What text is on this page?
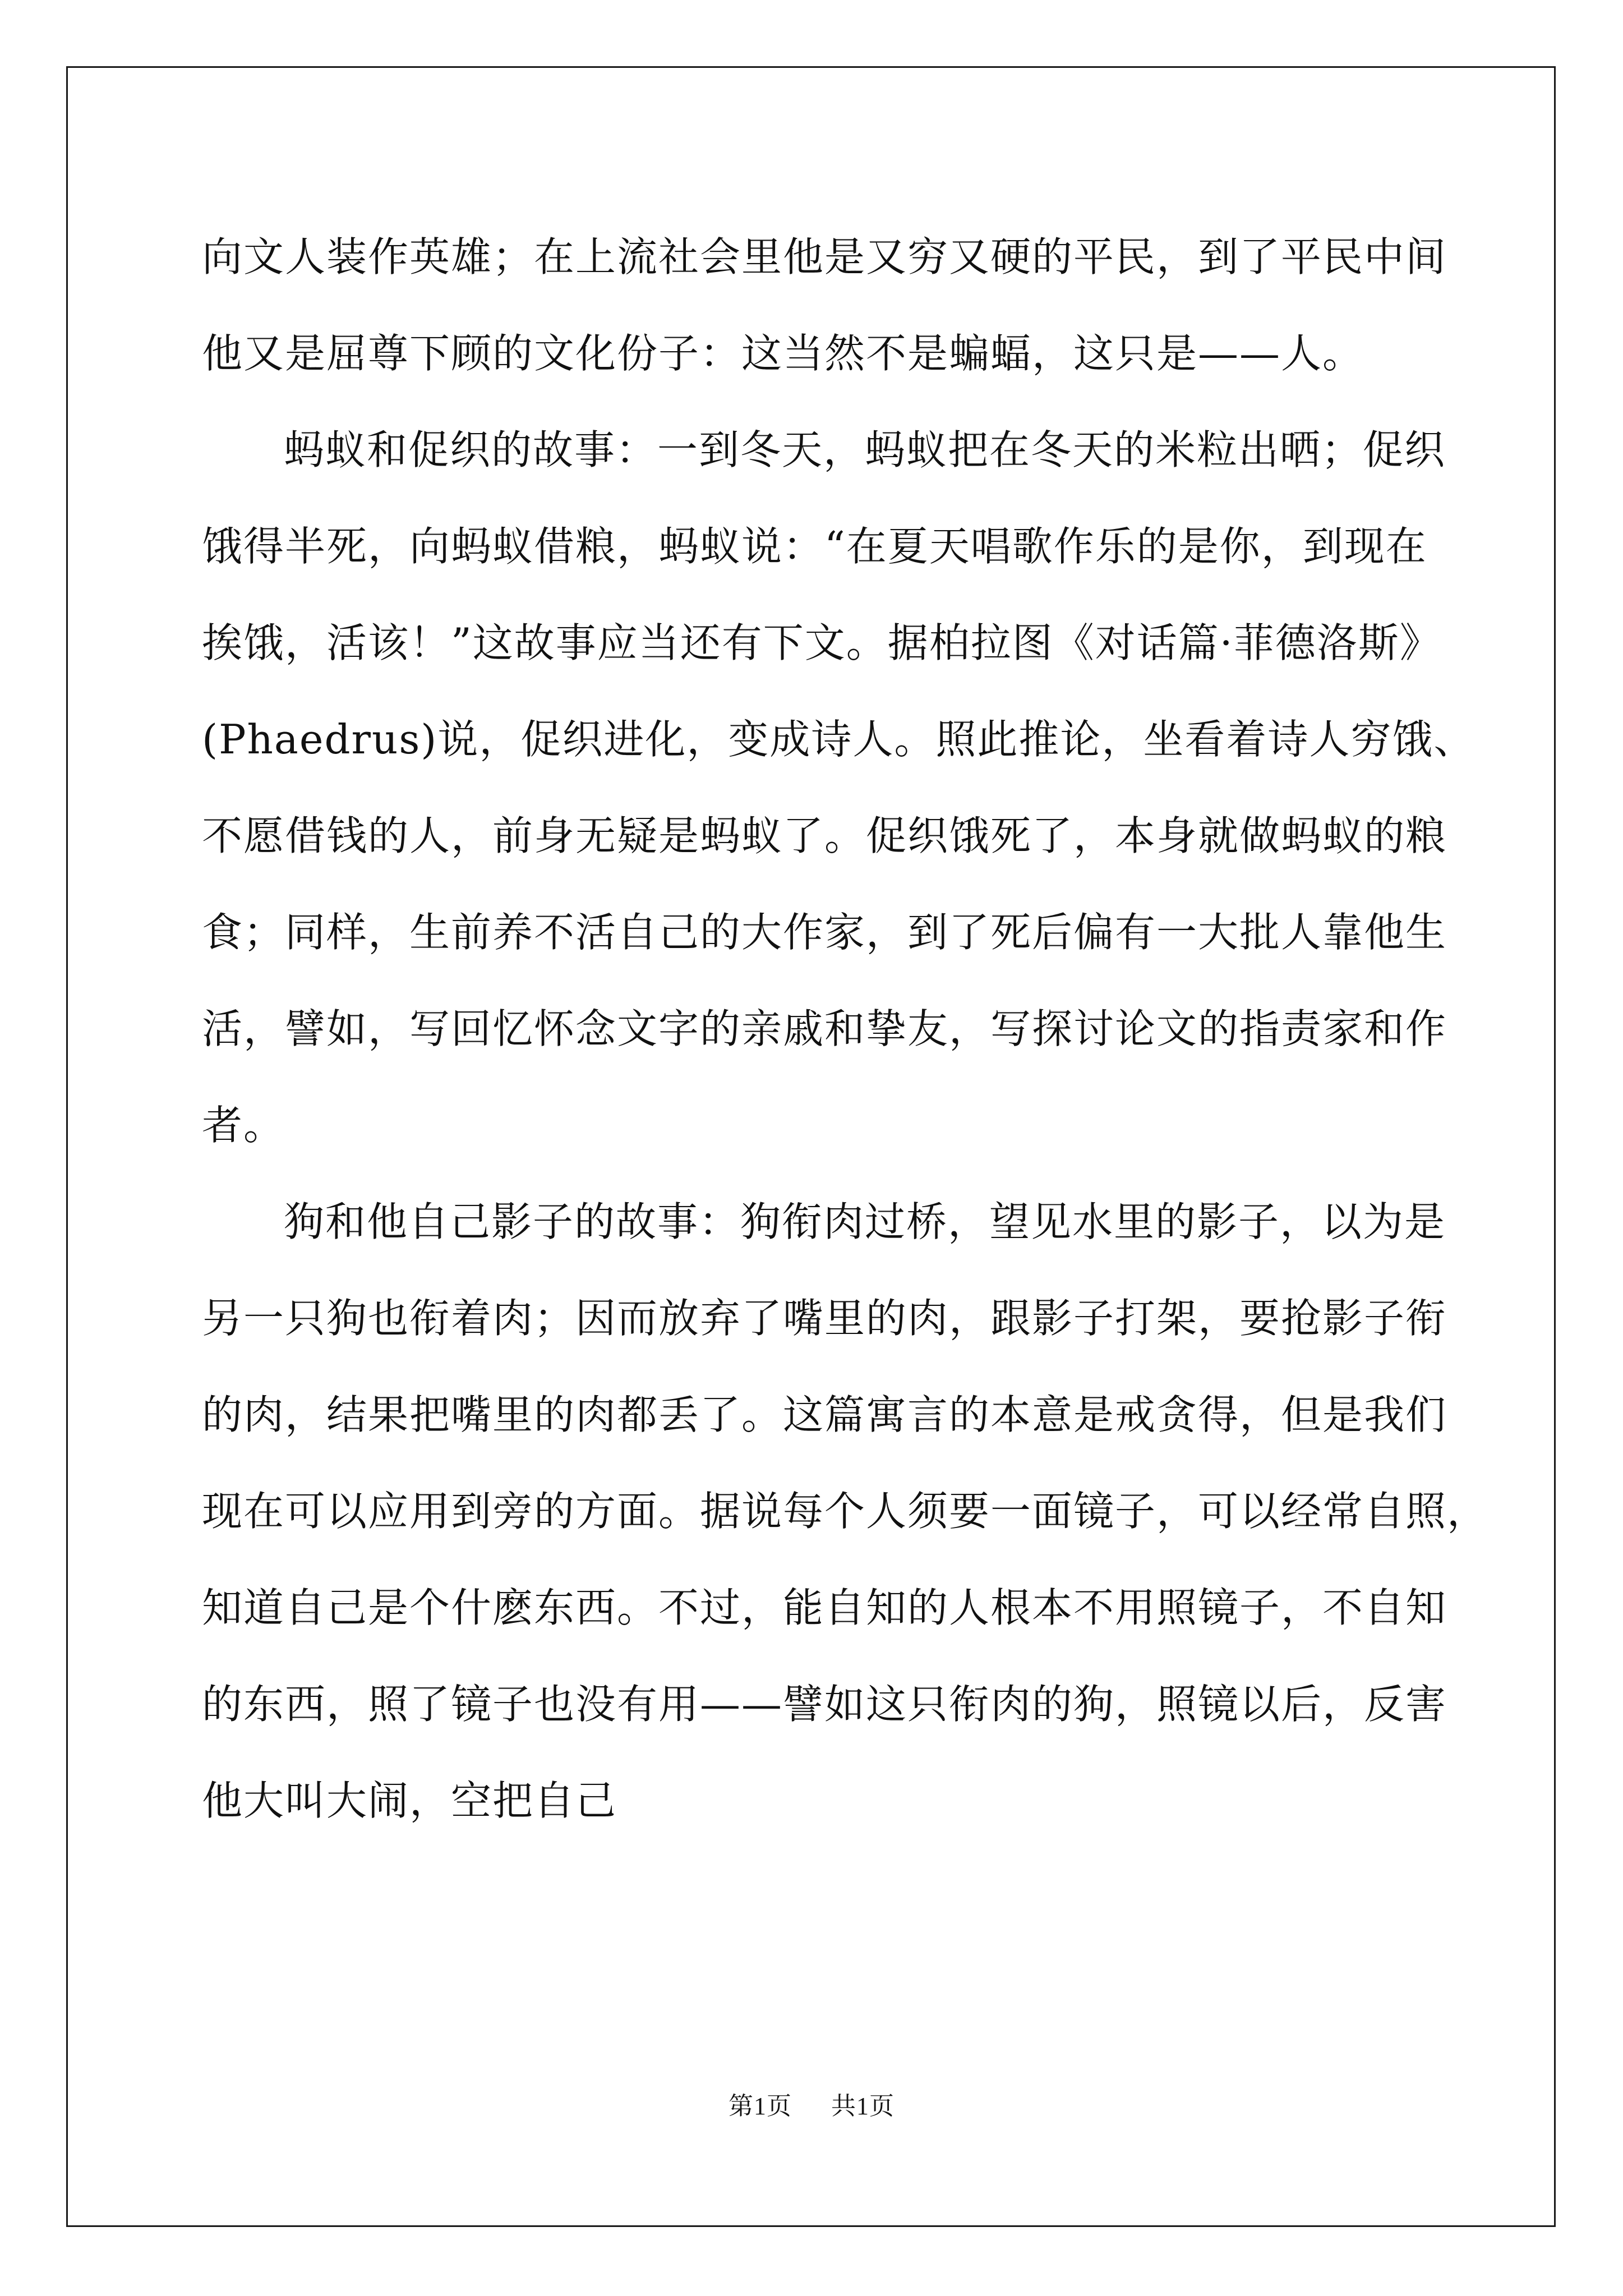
向文人装作英雄；在上流社会里他是又穷又硬的平民，到了平民中间
他又是屈尊下顾的文化份子：这当然不是蝙蝠，这只是——人。
蚂蚁和促织的故事：一到冬天，蚂蚁把在冬天的米粒出晒；促织
饿得半死，向蚂蚁借粮，蚂蚁说：“在夏天唱歌作乐的是你，到现在
挨饿，活该！”这故事应当还有下文。据柏拉图《对话篇·菲德洛斯》
(Phaedrus)说，促织进化，变成诗人。照此推论，坐看着诗人穷饿、
不愿借钱的人，前身无疑是蚂蚁了。促织饿死了，本身就做蚂蚁的粮
食；同样，生前养不活自己的大作家，到了死后偏有一大批人靠他生
活，譬如，写回忆怀念文字的亲戚和挚友，写探讨论文的指责家和作
者。
狗和他自己影子的故事：狗衔肉过桥，望见水里的影子，以为是
另一只狗也衔着肉；因而放弃了嘴里的肉，跟影子打架，要抢影子衔
的肉，结果把嘴里的肉都丢了。这篇寓言的本意是戒贪得，但是我们
现在可以应用到旁的方面。据说每个人须要一面镜子，可以经常自照，
知道自己是个什麽东西。不过，能自知的人根本不用照镜子，不自知
的东西，照了镜子也没有用——譬如这只衔肉的狗，照镜以后，反害
他大叫大闹，空把自己
第1页 共1页
